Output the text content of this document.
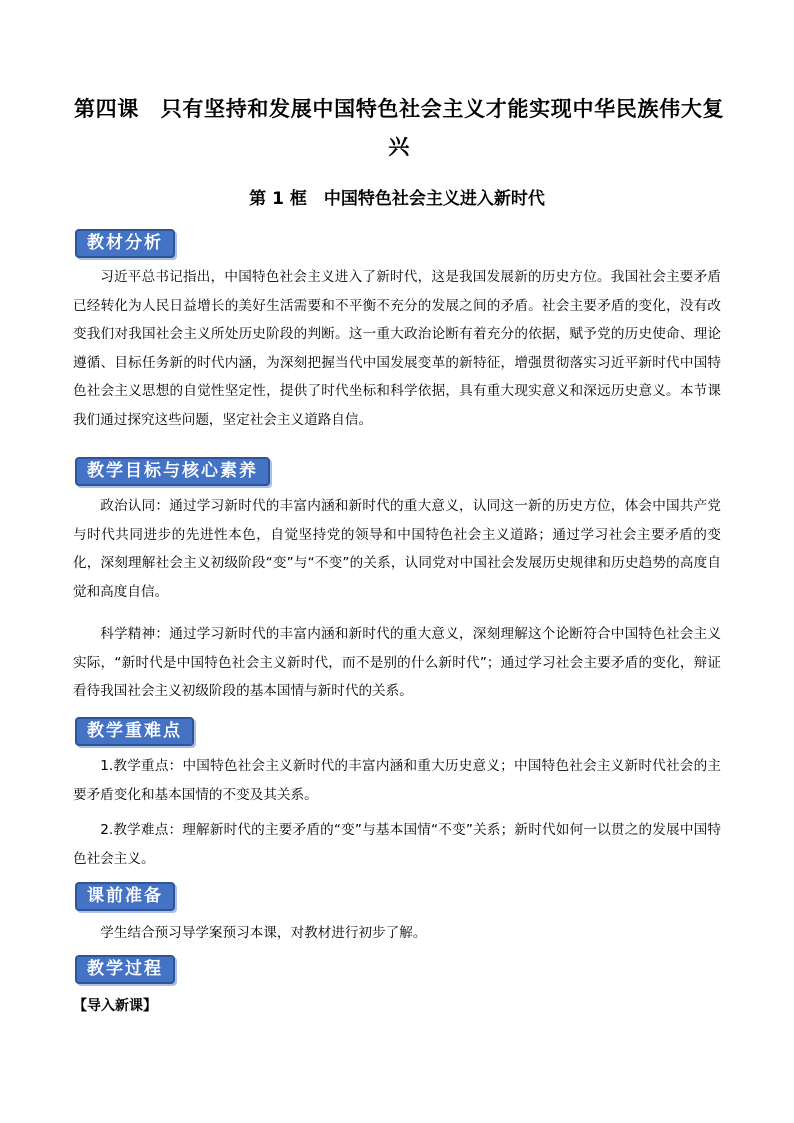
第四课　只有坚持和发展中国特色社会主义才能实现中华民族伟大复兴
第 1 框　中国特色社会主义进入新时代
教材分析

习近平总书记指出，中国特色社会主义进入了新时代，这是我国发展新的历史方位。我国社会主要矛盾已经转化为人民日益增长的美好生活需要和不平衡不充分的发展之间的矛盾。社会主要矛盾的变化，没有改变我们对我国社会主义所处历史阶段的判断。这一重大政治论断有着充分的依据，赋予党的历史使命、理论遵循、目标任务新的时代内涵，为深刻把握当代中国发展变革的新特征，增强贯彻落实习近平新时代中国特色社会主义思想的自觉性坚定性，提供了时代坐标和科学依据，具有重大现实意义和深远历史意义。本节课我们通过探究这些问题，坚定社会主义道路自信。

教学目标与核心素养

政治认同：通过学习新时代的丰富内涵和新时代的重大意义，认同这一新的历史方位，体会中国共产党与时代共同进步的先进性本色，自觉坚持党的领导和中国特色社会主义道路；通过学习社会主要矛盾的变化，深刻理解社会主义初级阶段“变”与“不变”的关系，认同党对中国社会发展历史规律和历史趋势的高度自觉和高度自信。

科学精神：通过学习新时代的丰富内涵和新时代的重大意义，深刻理解这个论断符合中国特色社会主义实际，“新时代是中国特色社会主义新时代，而不是别的什么新时代”；通过学习社会主要矛盾的变化，辩证看待我国社会主义初级阶段的基本国情与新时代的关系。

教学重难点

1.教学重点：中国特色社会主义新时代的丰富内涵和重大历史意义；中国特色社会主义新时代社会的主要矛盾变化和基本国情的不变及其关系。

2.教学难点：理解新时代的主要矛盾的“变”与基本国情“不变”关系；新时代如何一以贯之的发展中国特色社会主义。

课前准备

学生结合预习导学案预习本课，对教材进行初步了解。

教学过程
【导入新课】
